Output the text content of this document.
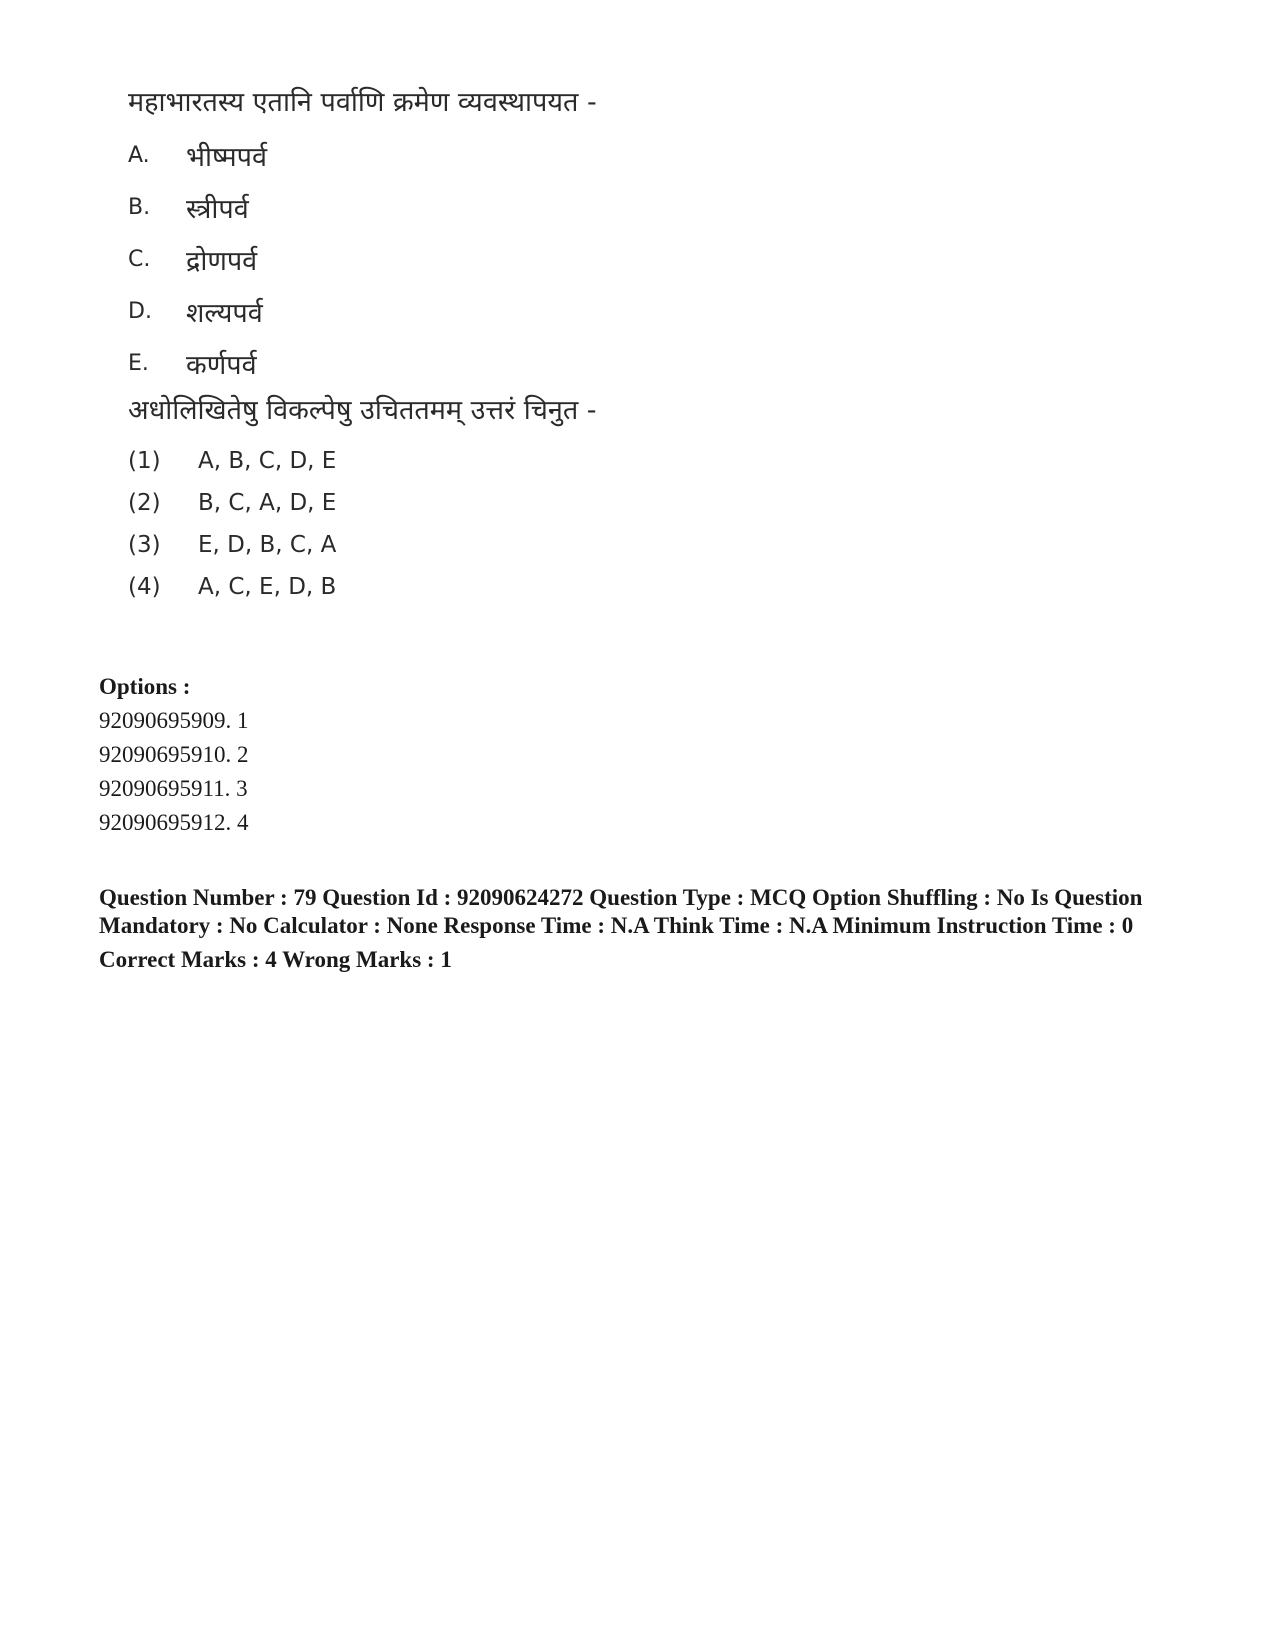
महाभारतस्य एतानि पर्वाणि क्रमेण व्यवस्थापयत -
A.	भीष्मपर्व
B.	स्त्रीपर्व
C.	द्रोणपर्व
D.	शल्यपर्व
E.	कर्णपर्व
अधोलिखितेषु विकल्पेषु उचिततमम् उत्तरं चिनुत -
(1)	A, B, C, D, E
(2)	B, C, A, D, E
(3)	E, D, B, C, A
(4)	A, C, E, D, B
Options :
92090695909. 1
92090695910. 2
92090695911. 3
92090695912. 4
Question Number : 79 Question Id : 92090624272 Question Type : MCQ Option Shuffling : No Is Question Mandatory : No Calculator : None Response Time : N.A Think Time : N.A Minimum Instruction Time : 0
Correct Marks : 4 Wrong Marks : 1
